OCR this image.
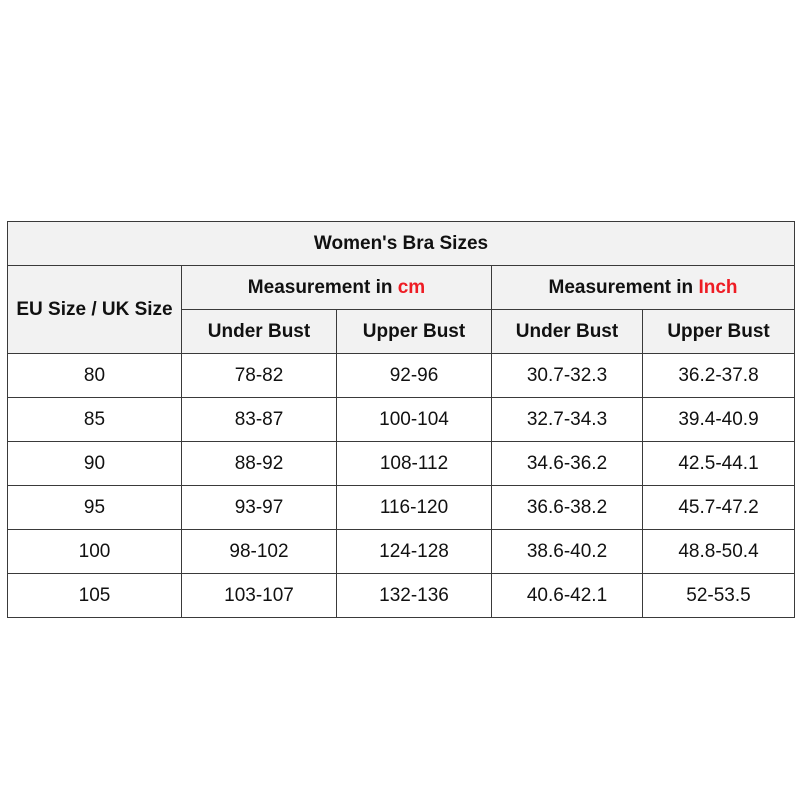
Women's Bra Sizes				
EU Size / UK Size	Measurement in cm		Measurement in Inch	
	Under Bust	Upper Bust	Under Bust	Upper Bust
80	78-82	92-96	30.7-32.3	36.2-37.8
85	83-87	100-104	32.7-34.3	39.4-40.9
90	88-92	108-112	34.6-36.2	42.5-44.1
95	93-97	116-120	36.6-38.2	45.7-47.2
100	98-102	124-128	38.6-40.2	48.8-50.4
105	103-107	132-136	40.6-42.1	52-53.5
